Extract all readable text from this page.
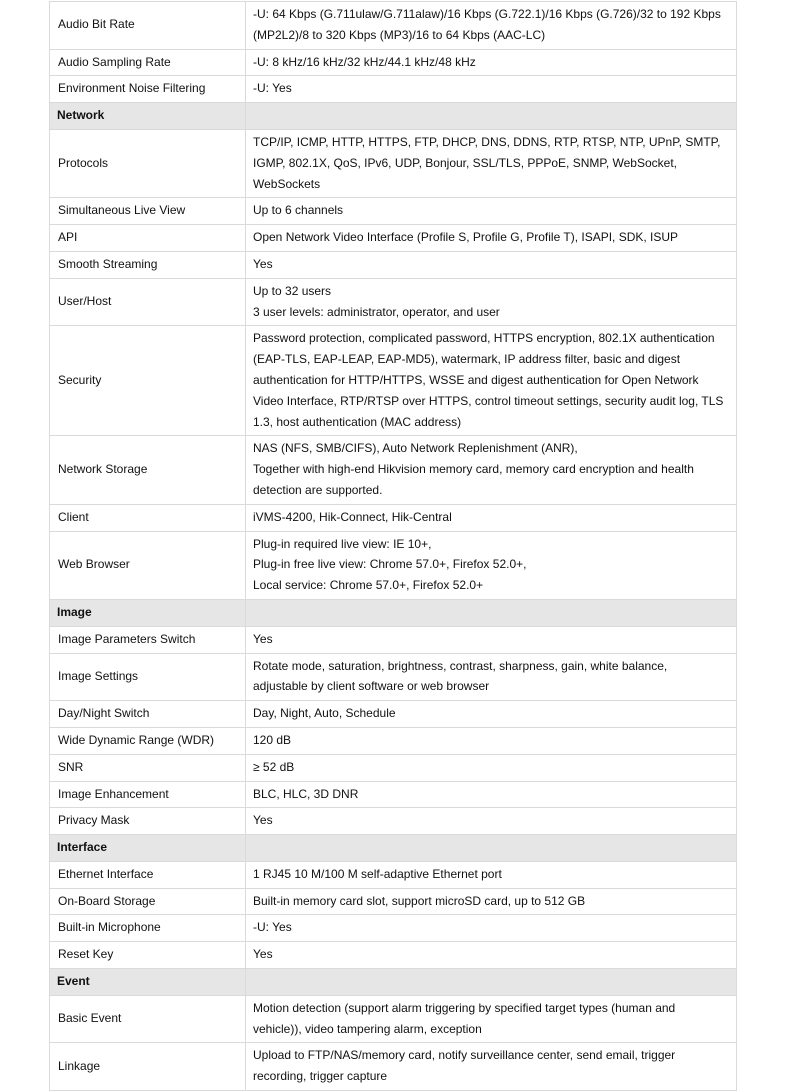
Audio Bit Rate	-U: 64 Kbps (G.711ulaw/G.711alaw)/16 Kbps (G.722.1)/16 Kbps (G.726)/32 to 192 Kbps
(MP2L2)/8 to 320 Kbps (MP3)/16 to 64 Kbps (AAC-LC)

Audio Sampling Rate	-U: 8 kHz/16 kHz/32 kHz/44.1 kHz/48 kHz

Environment Noise Filtering	-U: Yes

Network	
Protocols	TCP/IP, ICMP, HTTP, HTTPS, FTP, DHCP, DNS, DDNS, RTP, RTSP, NTP, UPnP, SMTP,
IGMP, 802.1X, QoS, IPv6, UDP, Bonjour, SSL/TLS, PPPoE, SNMP, WebSocket,
WebSockets

Simultaneous Live View	Up to 6 channels

API	Open Network Video Interface (Profile S, Profile G, Profile T), ISAPI, SDK, ISUP

Smooth Streaming	Yes

User/Host	Up to 32 users
3 user levels: administrator, operator, and user

Security	Password protection, complicated password, HTTPS encryption, 802.1X authentication
(EAP-TLS, EAP-LEAP, EAP-MD5), watermark, IP address filter, basic and digest
authentication for HTTP/HTTPS, WSSE and digest authentication for Open Network
Video Interface, RTP/RTSP over HTTPS, control timeout settings, security audit log, TLS
1.3, host authentication (MAC address)

Network Storage	NAS (NFS, SMB/CIFS), Auto Network Replenishment (ANR),
Together with high-end Hikvision memory card, memory card encryption and health
detection are supported.

Client	iVMS-4200, Hik-Connect, Hik-Central

Web Browser	Plug-in required live view: IE 10+,
Plug-in free live view: Chrome 57.0+, Firefox 52.0+,
Local service: Chrome 57.0+, Firefox 52.0+

Image	
Image Parameters Switch	Yes

Image Settings	Rotate mode, saturation, brightness, contrast, sharpness, gain, white balance,
adjustable by client software or web browser

Day/Night Switch	Day, Night, Auto, Schedule

Wide Dynamic Range (WDR)	120 dB

SNR	≥ 52 dB

Image Enhancement	BLC, HLC, 3D DNR

Privacy Mask	Yes

Interface	
Ethernet Interface	1 RJ45 10 M/100 M self-adaptive Ethernet port

On-Board Storage	Built-in memory card slot, support microSD card, up to 512 GB

Built-in Microphone	-U: Yes

Reset Key	Yes

Event	
Basic Event	Motion detection (support alarm triggering by specified target types (human and
vehicle)), video tampering alarm, exception

Linkage	Upload to FTP/NAS/memory card, notify surveillance center, send email, trigger
recording, trigger capture
